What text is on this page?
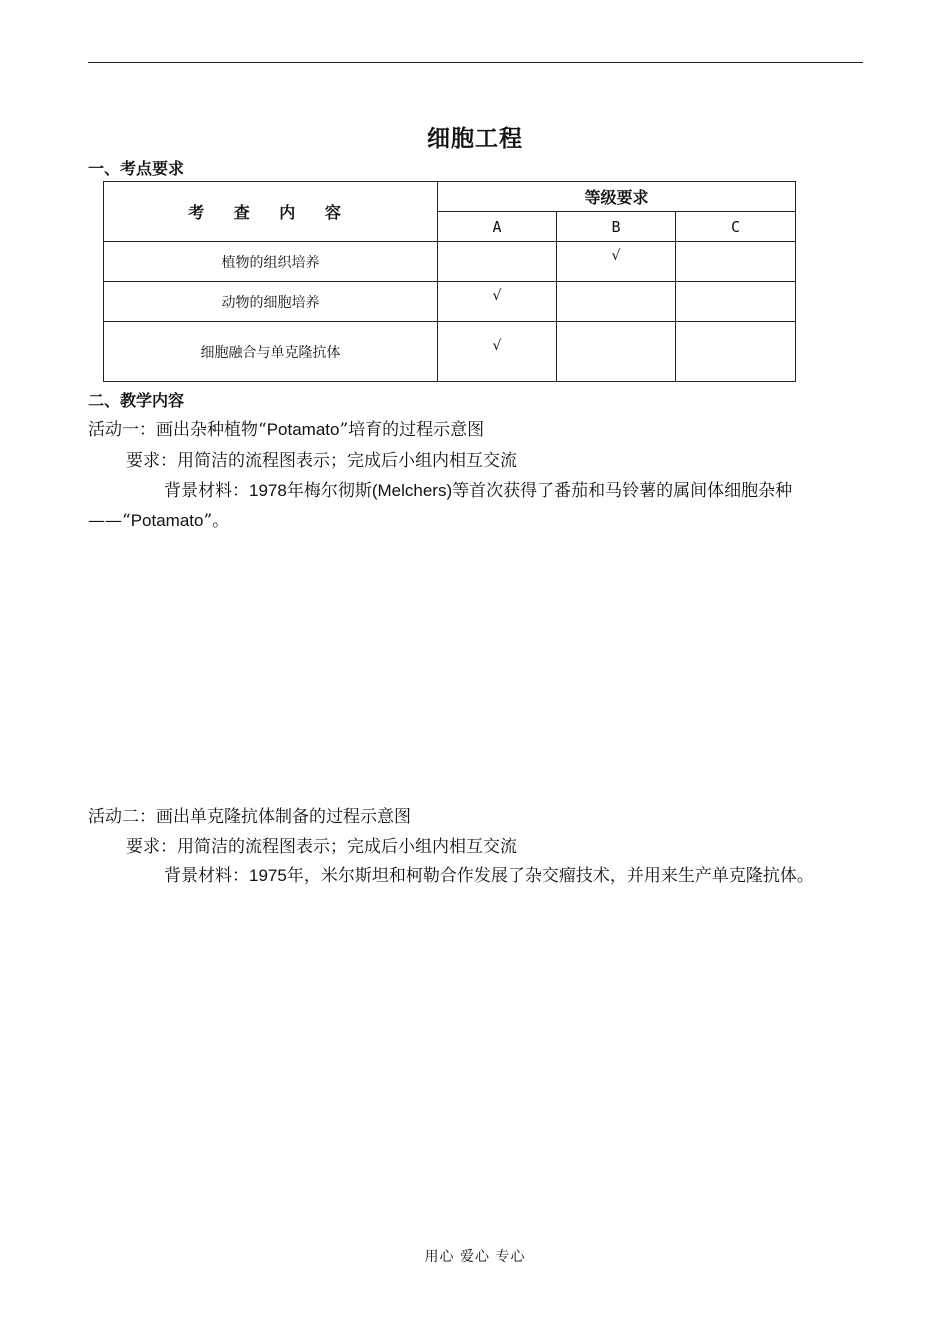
细胞工程
一、考点要求
考 查 内 容	等级要求		
	A	B	C
植物的组织培养		√	
动物的细胞培养	√		
细胞融合与单克隆抗体	√		
二、教学内容
活动一：画出杂种植物“Potamato”培育的过程示意图
要求：用简洁的流程图表示；完成后小组内相互交流
背景材料：1978年梅尔彻斯(Melchers)等首次获得了番茄和马铃薯的属间体细胞杂种
——“Potamato”。
活动二：画出单克隆抗体制备的过程示意图
要求：用简洁的流程图表示；完成后小组内相互交流
背景材料：1975年，米尔斯坦和柯勒合作发展了杂交瘤技术，并用来生产单克隆抗体。
用心 爱心 专心
